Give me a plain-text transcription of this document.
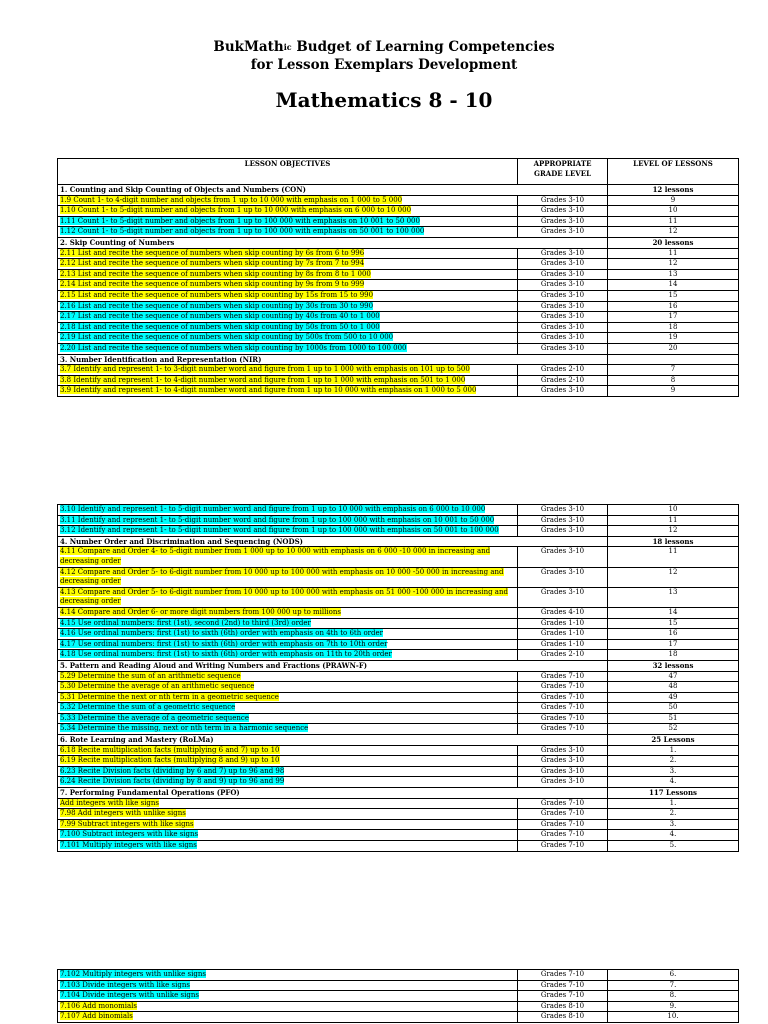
BukMath$^{ic}$ Budget of Learning Competencies
for Lesson Exemplars Development
Mathematics 8 - 10
LESSON OBJECTIVES	APPROPRIATE GRADE LEVEL	LEVEL OF LESSONS
1. Counting and Skip Counting of Objects and Numbers (CON)		12 lessons
1.9 Count 1- to 4-digit number and objects from 1 up to 10 000 with emphasis on 1 000 to 5 000	Grades 3-10	9
1.10 Count 1- to 5-digit number and objects from 1 up to 10 000 with emphasis on 6 000 to 10 000	Grades 3-10	10
1.11 Count 1- to 5-digit number and objects from 1 up to 100 000 with emphasis on 10 001 to 50 000	Grades 3-10	11
1.12 Count 1- to 5-digit number and objects from 1 up to 100 000 with emphasis on 50 001 to 100 000	Grades 3-10	12
2. Skip Counting of Numbers		20 lessons
2.11 List and recite the sequence of numbers when skip counting by 6s from 6 to 996	Grades 3-10	11
2.12 List and recite the sequence of numbers when skip counting by 7s from 7 to 994	Grades 3-10	12
2.13 List and recite the sequence of numbers when skip counting by 8s from 8 to 1 000	Grades 3-10	13
2.14 List and recite the sequence of numbers when skip counting by 9s from 9 to 999	Grades 3-10	14
2.15 List and recite the sequence of numbers when skip counting by 15s from 15 to 990	Grades 3-10	15
2.16 List and recite the sequence of numbers when skip counting by 30s from 30 to 990	Grades 3-10	16
2.17 List and recite the sequence of numbers when skip counting by 40s from 40 to 1 000	Grades 3-10	17
2.18 List and recite the sequence of numbers when skip counting by 50s from 50 to 1 000	Grades 3-10	18
2.19 List and recite the sequence of numbers when skip counting by 500s from 500 to 10 000	Grades 3-10	19
2.20 List and recite the sequence of numbers when skip counting by 1000s from 1000 to 100 000	Grades 3-10	20
3. Number Identification and Representation (NIR)		
3.7 Identify and represent 1- to 3-digit number word and figure from 1 up to 1 000 with emphasis on 101 up to 500	Grades 2-10	7
3.8 Identify and represent 1- to 4-digit number word and figure from 1 up to 1 000 with emphasis on 501 to 1 000	Grades 2-10	8
3.9 Identify and represent 1- to 4-digit number word and figure from 1 up to 10 000 with emphasis on 1 000 to 5 000	Grades 3-10	9
3.10 Identify and represent 1- to 5-digit number word and figure from 1 up to 10 000 with emphasis on 6 000 to 10 000	Grades 3-10	10
3.11 Identify and represent 1- to 5-digit number word and figure from 1 up to 100 000 with emphasis on 10 001 to 50 000	Grades 3-10	11
3.12 Identify and represent 1- to 5-digit number word and figure from 1 up to 100 000 with emphasis on 50 001 to 100 000	Grades 3-10	12
4. Number Order and Discrimination and Sequencing (NODS)		18 lessons
4.11 Compare and Order 4- to 5-digit number from 1 000 up to 10 000 with emphasis on 6 000 -10 000 in increasing and decreasing order	Grades 3-10	11
4.12 Compare and Order 5- to 6-digit number from 10 000 up to 100 000 with emphasis on 10 000 -50 000 in increasing and decreasing order	Grades 3-10	12
4.13 Compare and Order 5- to 6-digit number from 10 000 up to 100 000 with emphasis on 51 000 -100 000 in increasing and decreasing order	Grades 3-10	13
4.14 Compare and Order 6- or more digit numbers from 100 000 up to millions	Grades 4-10	14
4.15 Use ordinal numbers: first (1st), second (2nd) to third (3rd) order	Grades 1-10	15
4.16 Use ordinal numbers: first (1st) to sixth (6th) order with emphasis on 4th to 6th order	Grades 1-10	16
4.17 Use ordinal numbers: first (1st) to sixth (6th) order with emphasis on 7th to 10th order	Grades 1-10	17
4.18 Use ordinal numbers: first (1st) to sixth (6th) order with emphasis on 11th to 20th order	Grades 2-10	18
5. Pattern and Reading Aloud and Writing Numbers and Fractions (PRAWN-F)		32 lessons
5.29 Determine the sum of an arithmetic sequence	Grades 7-10	47
5.30 Determine the average of an arithmetic sequence	Grades 7-10	48
5.31 Determine the next or nth term in a geometric sequence	Grades 7-10	49
5.32 Determine the sum of a geometric sequence	Grades 7-10	50
5.33 Determine the average of a geometric sequence	Grades 7-10	51
5.34 Determine the missing, next or nth term in a harmonic sequence	Grades 7-10	52
6. Rote Learning and Mastery (RoLMa)		25 Lessons
6.18 Recite multiplication facts (multiplying 6 and 7) up to 10	Grades 3-10	1.
6.19 Recite multiplication facts (multiplying 8 and 9) up to 10	Grades 3-10	2.
6.23 Recite Division facts (dividing by 6 and 7) up to 96 and 98	Grades 3-10	3.
6.24 Recite Division facts (dividing by 8 and 9) up to 96 and 99	Grades 3-10	4.
7. Performing Fundamental Operations (PFO)		117 Lessons
Add integers with like signs	Grades 7-10	1.
7.98 Add integers with unlike signs	Grades 7-10	2.
7.99 Subtract integers with like signs	Grades 7-10	3.
7.100 Subtract integers with like signs	Grades 7-10	4.
7.101 Multiply integers with like signs	Grades 7-10	5.
7.102 Multiply integers with unlike signs	Grades 7-10	6.
7.103 Divide integers with like signs	Grades 7-10	7.
7.104 Divide integers with unlike signs	Grades 7-10	8.
7.106 Add monomials	Grades 8-10	9.
7.107 Add binomials	Grades 8-10	10.
